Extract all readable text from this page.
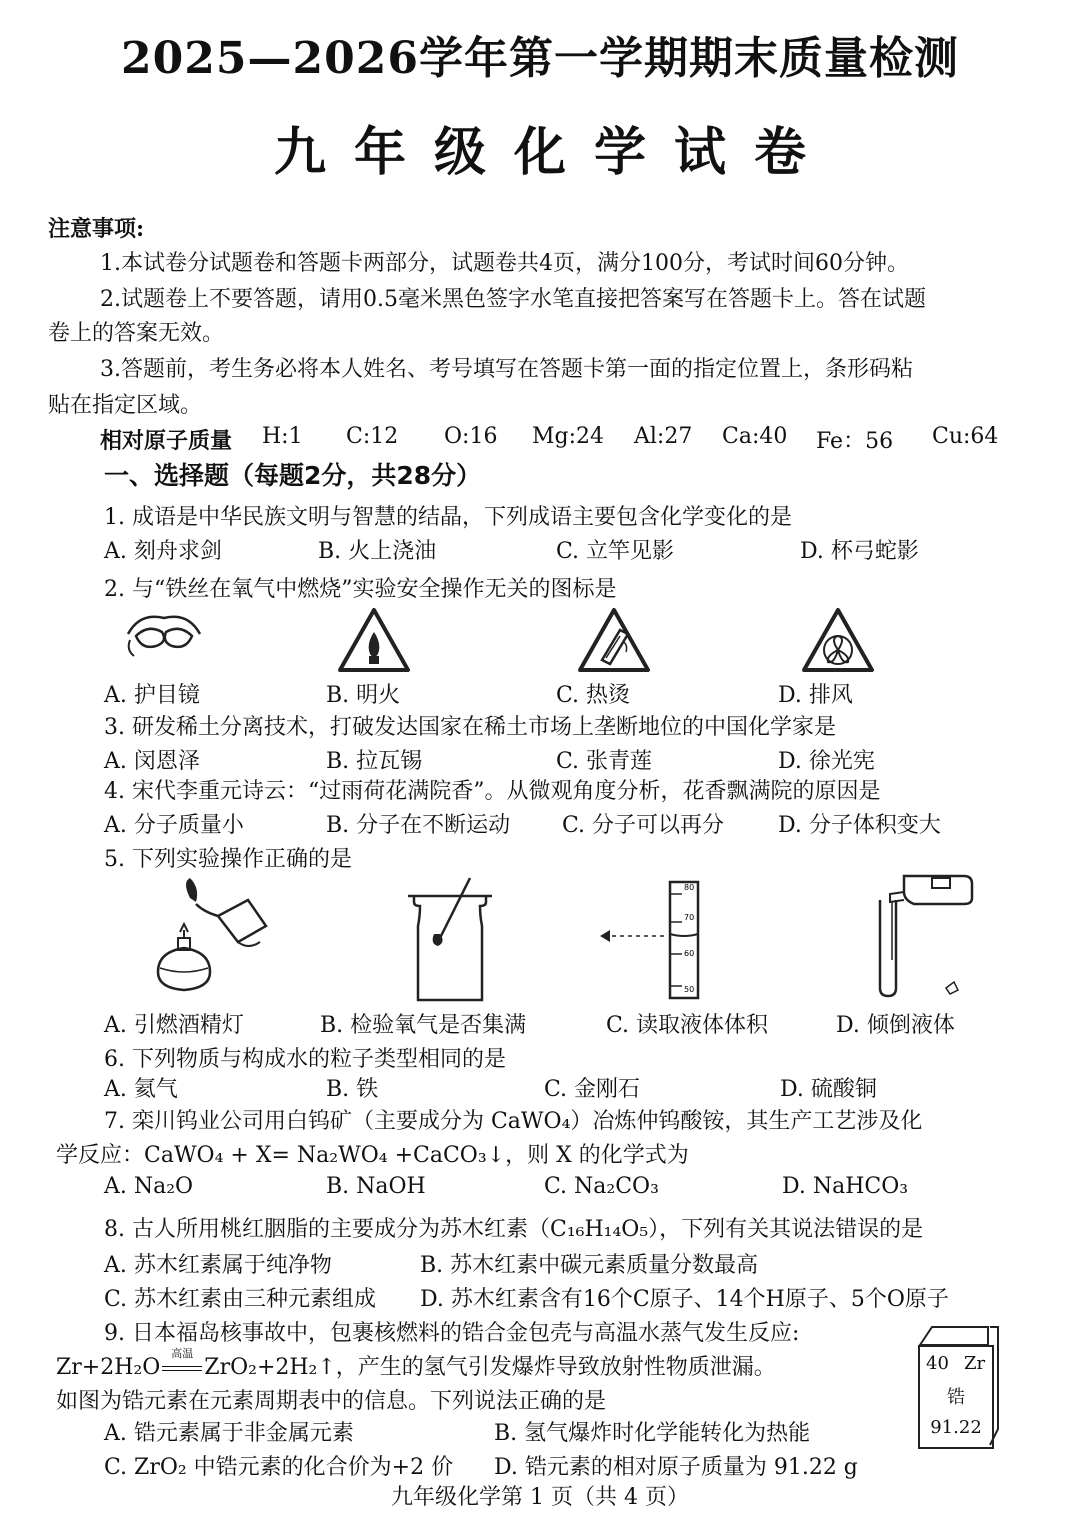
2025—2026学年第一学期期末质量检测
九年级化学试卷
注意事项:
1.本试卷分试题卷和答题卡两部分，试题卷共4页，满分100分，考试时间60分钟。
2.试题卷上不要答题，请用0.5毫米黑色签字水笔直接把答案写在答题卡上。答在试题
卷上的答案无效。
3.答题前，考生务必将本人姓名、考号填写在答题卡第一面的指定位置上，条形码粘
贴在指定区域。
相对原子质量 H:1 C:12 O:16 Mg:24 Al:27 Ca:40 Fe：56 Cu:64
一、选择题（每题2分，共28分）
1. 成语是中华民族文明与智慧的结晶，下列成语主要包含化学变化的是
A. 刻舟求剑	B. 火上浇油	C. 立竿见影	D. 杯弓蛇影
2. 与“铁丝在氧气中燃烧”实验安全操作无关的图标是
A. 护目镜	B. 明火	C. 热烫	D. 排风
3. 研发稀土分离技术，打破发达国家在稀土市场上垄断地位的中国化学家是
A. 闵恩泽	B. 拉瓦锡	C. 张青莲	D. 徐光宪
4. 宋代李重元诗云：“过雨荷花满院香”。从微观角度分析，花香飘满院的原因是
A. 分子质量小	B. 分子在不断运动 C. 分子可以再分 D. 分子体积变大
5. 下列实验操作正确的是
80
70
60
50
A. 引燃酒精灯	B. 检验氧气是否集满	C. 读取液体体积	D. 倾倒液体
6. 下列物质与构成水的粒子类型相同的是
A. 氦气	B. 铁	C. 金刚石	D. 硫酸铜
7. 栾川钨业公司用白钨矿（主要成分为 CaWO₄）冶炼仲钨酸铵，其生产工艺涉及化
学反应：CaWO₄ + X= Na₂WO₄ +CaCO₃↓，则 X 的化学式为
A. Na₂O	B. NaOH	C. Na₂CO₃	D. NaHCO₃
8. 古人所用桃红胭脂的主要成分为苏木红素（C₁₆H₁₄O₅），下列有关其说法错误的是
A. 苏木红素属于纯净物	B. 苏木红素中碳元素质量分数最高
C. 苏木红素由三种元素组成 D. 苏木红素含有16个C原子、14个H原子、5个O原子
9. 日本福岛核事故中，包裹核燃料的锆合金包壳与高温水蒸气发生反应:
Zr+2H₂O
高温
ZrO₂+2H₂↑，产生的氢气引发爆炸导致放射性物质泄漏。
如图为锆元素在元素周期表中的信息。下列说法正确的是
A. 锆元素属于非金属元素	B. 氢气爆炸时化学能转化为热能
C. ZrO₂ 中锆元素的化合价为+2 价 D. 锆元素的相对原子质量为 91.22 g
40 Zr
锆
91.22
九年级化学第 1 页（共 4 页）
